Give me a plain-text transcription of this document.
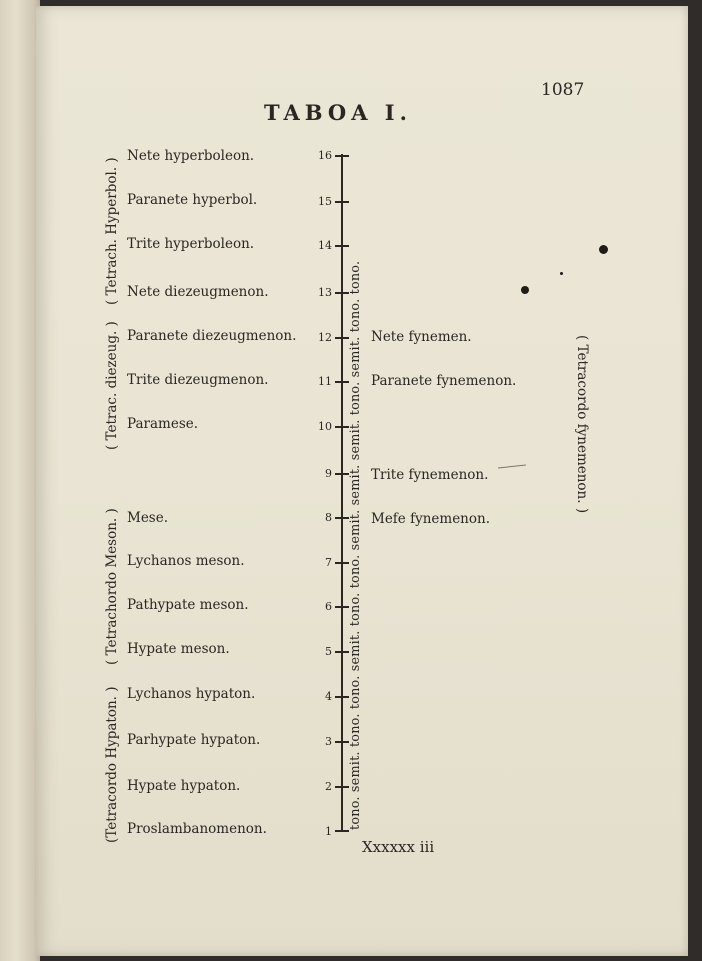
1087
TABOA I.
( Tetrach. Hyperbol. )
( Tetrac. diezeug. )
( Tetrachordo Meson. )
(Tetracordo Hypaton. )
Nete hyperboleon.
Paranete hyperbol.
Trite hyperboleon.
Nete diezeugmenon.
Paranete diezeugmenon.
Trite diezeugmenon.
Paramese.
Mese.
Lychanos meson.
Pathypate meson.
Hypate meson.
Lychanos hypaton.
Parhypate hypaton.
Hypate hypaton.
Proslambanomenon.
16
15
14
13
12
11
10
9
8
7
6
5
4
3
2
1
tono. semit. tono. tono. semit. tono. tono. semit. semit. semit. tono. semit. tono. tono. Nete fynemen.
Paranete fynemenon.
Trite fynemenon.
Mefe fynemenon.
( Tetracordo fynemenon. )
Xxxxxx iii
